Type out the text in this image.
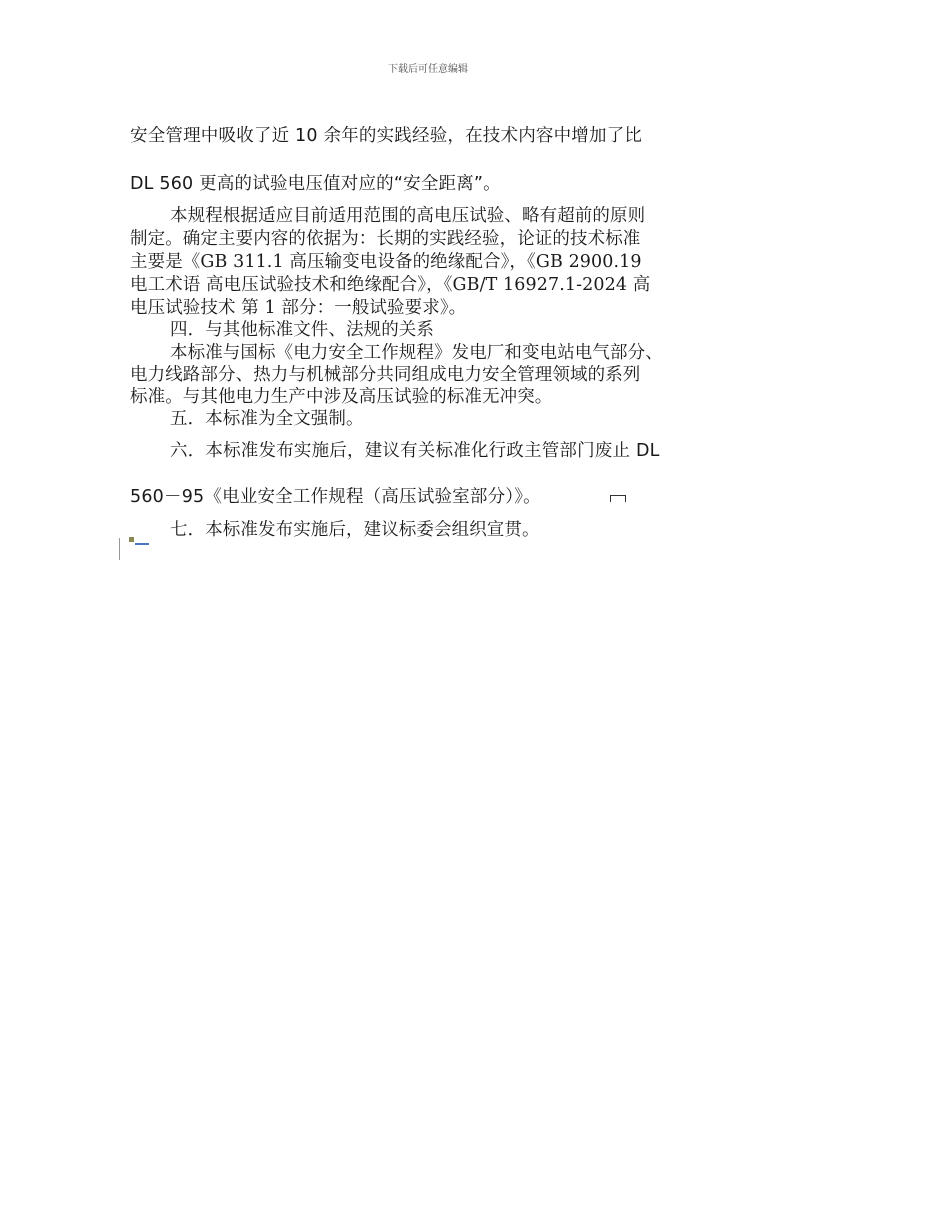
下载后可任意编辑
安全管理中吸收了近 10 余年的实践经验，在技术内容中增加了比
DL 560 更高的试验电压值对应的“安全距离”。
本规程根据适应目前适用范围的高电压试验、略有超前的原则
制定。确定主要内容的依据为：长期的实践经验，论证的技术标准
主要是《GB 311.1 高压输变电设备的绝缘配合》，《GB 2900.19
电工术语 高电压试验技术和绝缘配合》，《GB/T 16927.1-2024 高
电压试验技术 第 1 部分：一般试验要求》。
四．与其他标准文件、法规的关系
本标准与国标《电力安全工作规程》发电厂和变电站电气部分、
电力线路部分、热力与机械部分共同组成电力安全管理领域的系列
标准。与其他电力生产中涉及高压试验的标准无冲突。
五．本标准为全文强制。
六．本标准发布实施后，建议有关标准化行政主管部门废止 DL
560－95《电业安全工作规程（高压试验室部分）》。
七．本标准发布实施后，建议标委会组织宣贯。
